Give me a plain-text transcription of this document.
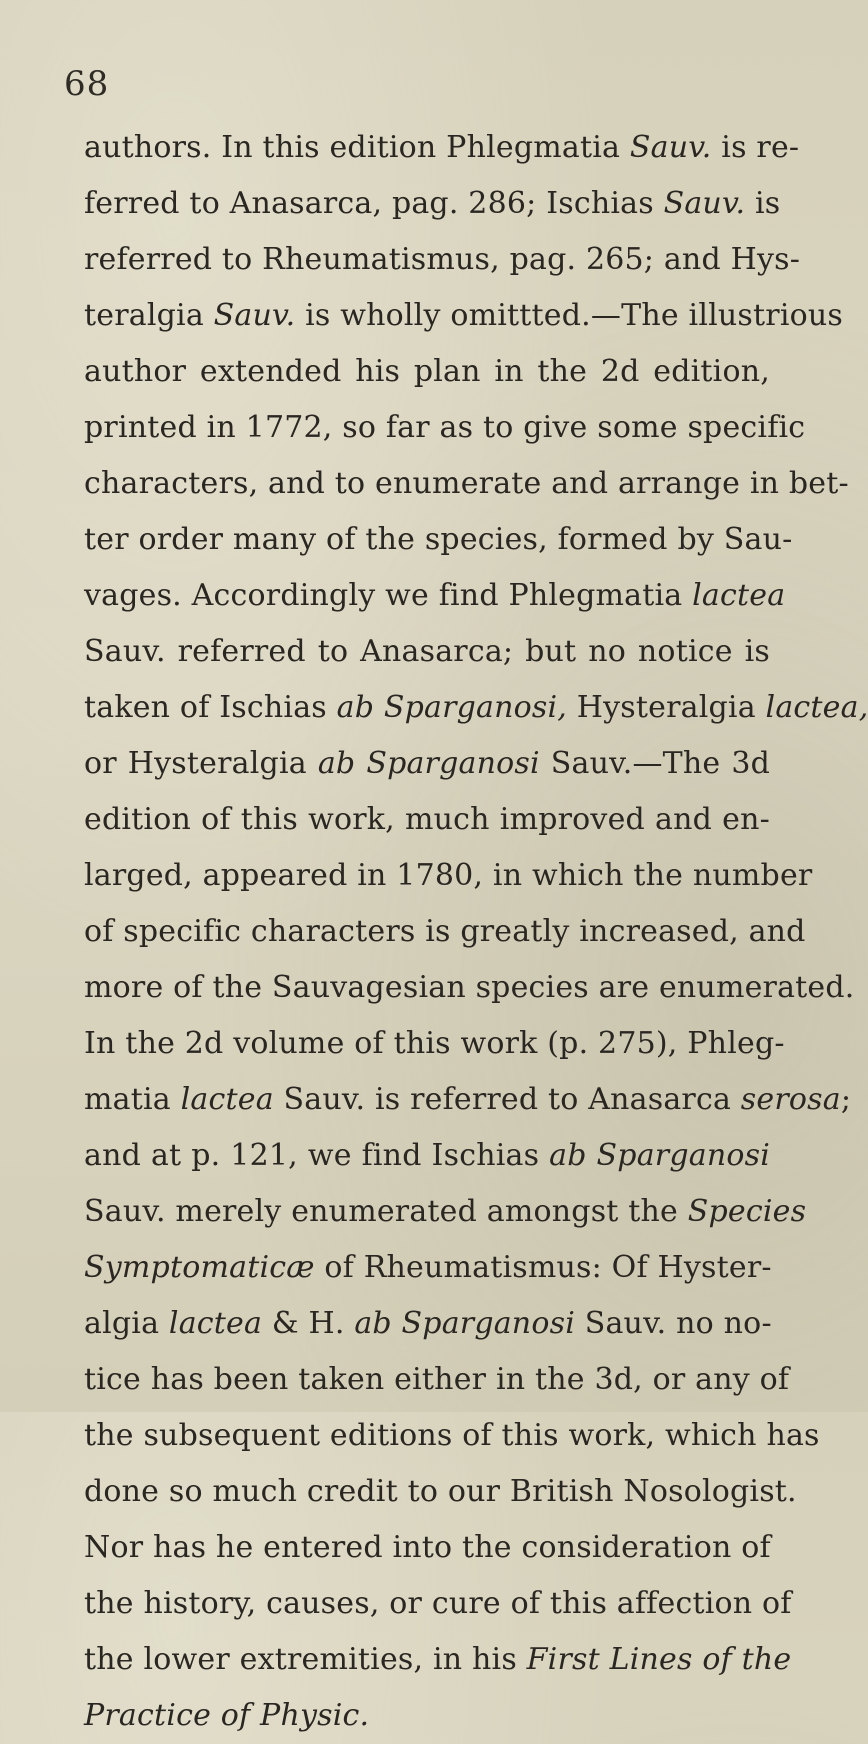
68
authors. In this edition Phlegmatia Sauv. is re-
ferred to Anasarca, pag. 286; Ischias Sauv. is
referred to Rheumatismus, pag. 265; and Hys-
teralgia Sauv. is wholly omittted.—The illustrious
author extended his plan in the 2d edition,
printed in 1772, so far as to give some specific
characters, and to enumerate and arrange in bet-
ter order many of the species, formed by Sau-
vages. Accordingly we find Phlegmatia lactea
Sauv. referred to Anasarca; but no notice is
taken of Ischias ab Sparganosi, Hysteralgia lactea,
or Hysteralgia ab Sparganosi Sauv.—The 3d
edition of this work, much improved and en-
larged, appeared in 1780, in which the number
of specific characters is greatly increased, and
more of the Sauvagesian species are enumerated.
In the 2d volume of this work (p. 275), Phleg-
matia lactea Sauv. is referred to Anasarca serosa;
and at p. 121, we find Ischias ab Sparganosi
Sauv. merely enumerated amongst the Species
Symptomaticæ of Rheumatismus: Of Hyster-
algia lactea & H. ab Sparganosi Sauv. no no-
tice has been taken either in the 3d, or any of
the subsequent editions of this work, which has
done so much credit to our British Nosologist.
Nor has he entered into the consideration of
the history, causes, or cure of this affection of
the lower extremities, in his First Lines of the
Practice of Physic.
